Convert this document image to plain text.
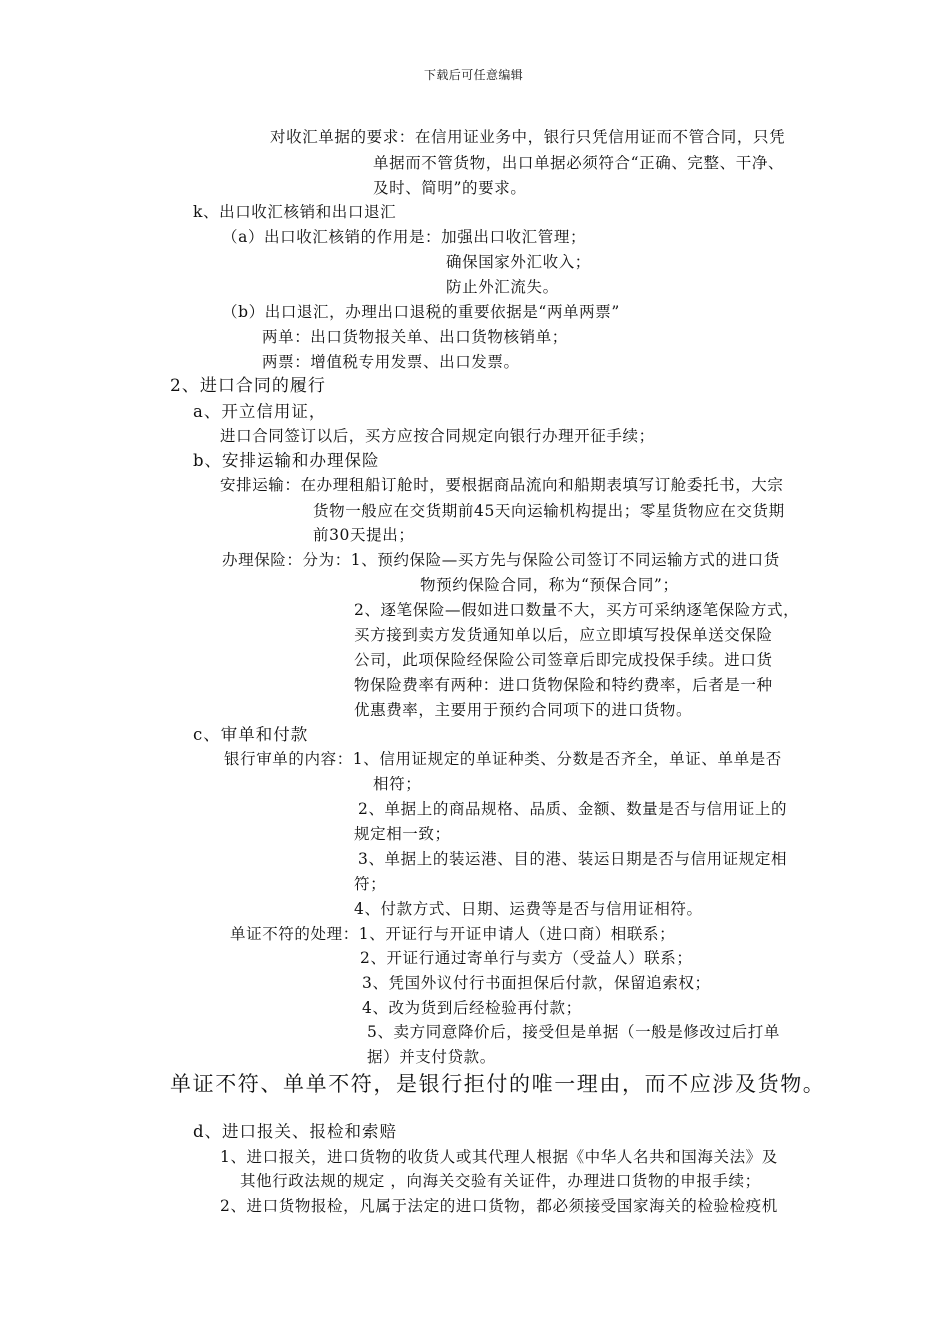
下载后可任意编辑
对收汇单据的要求：在信用证业务中，银行只凭信用证而不管合同，只凭
单据而不管货物，出口单据必须符合“正确、完整、干净、
及时、简明”的要求。
k、出口收汇核销和出口退汇
（a）出口收汇核销的作用是：加强出口收汇管理；
确保国家外汇收入；
防止外汇流失。
（b）出口退汇，办理出口退税的重要依据是“两单两票”
两单：出口货物报关单、出口货物核销单；
两票：增值税专用发票、出口发票。
2、进口合同的履行
a、开立信用证，
进口合同签订以后，买方应按合同规定向银行办理开征手续；
b、安排运输和办理保险
安排运输：在办理租船订舱时，要根据商品流向和船期表填写订舱委托书，大宗
货物一般应在交货期前45天向运输机构提出；零星货物应在交货期
前30天提出；
办理保险：分为：1、预约保险—买方先与保险公司签订不同运输方式的进口货
物预约保险合同，称为“预保合同”；
2、逐笔保险—假如进口数量不大，买方可采纳逐笔保险方式，
买方接到卖方发货通知单以后，应立即填写投保单送交保险
公司，此项保险经保险公司签章后即完成投保手续。进口货
物保险费率有两种：进口货物保险和特约费率，后者是一种
优惠费率，主要用于预约合同项下的进口货物。
c、审单和付款
银行审单的内容：1、信用证规定的单证种类、分数是否齐全，单证、单单是否
相符；
2、单据上的商品规格、品质、金额、数量是否与信用证上的
规定相一致；
3、单据上的装运港、目的港、装运日期是否与信用证规定相
符；
4、付款方式、日期、运费等是否与信用证相符。
单证不符的处理：1、开证行与开证申请人（进口商）相联系；
2、开证行通过寄单行与卖方（受益人）联系；
3、凭国外议付行书面担保后付款，保留追索权；
4、改为货到后经检验再付款；
5、卖方同意降价后，接受但是单据（一般是修改过后打单
据）并支付贷款。
单证不符、单单不符，是银行拒付的唯一理由，而不应涉及货物。
d、进口报关、报检和索赔
1、进口报关，进口货物的收货人或其代理人根据《中华人名共和国海关法》及
其他行政法规的规定 ，向海关交验有关证件，办理进口货物的申报手续；
2、进口货物报检，凡属于法定的进口货物，都必须接受国家海关的检验检疫机
